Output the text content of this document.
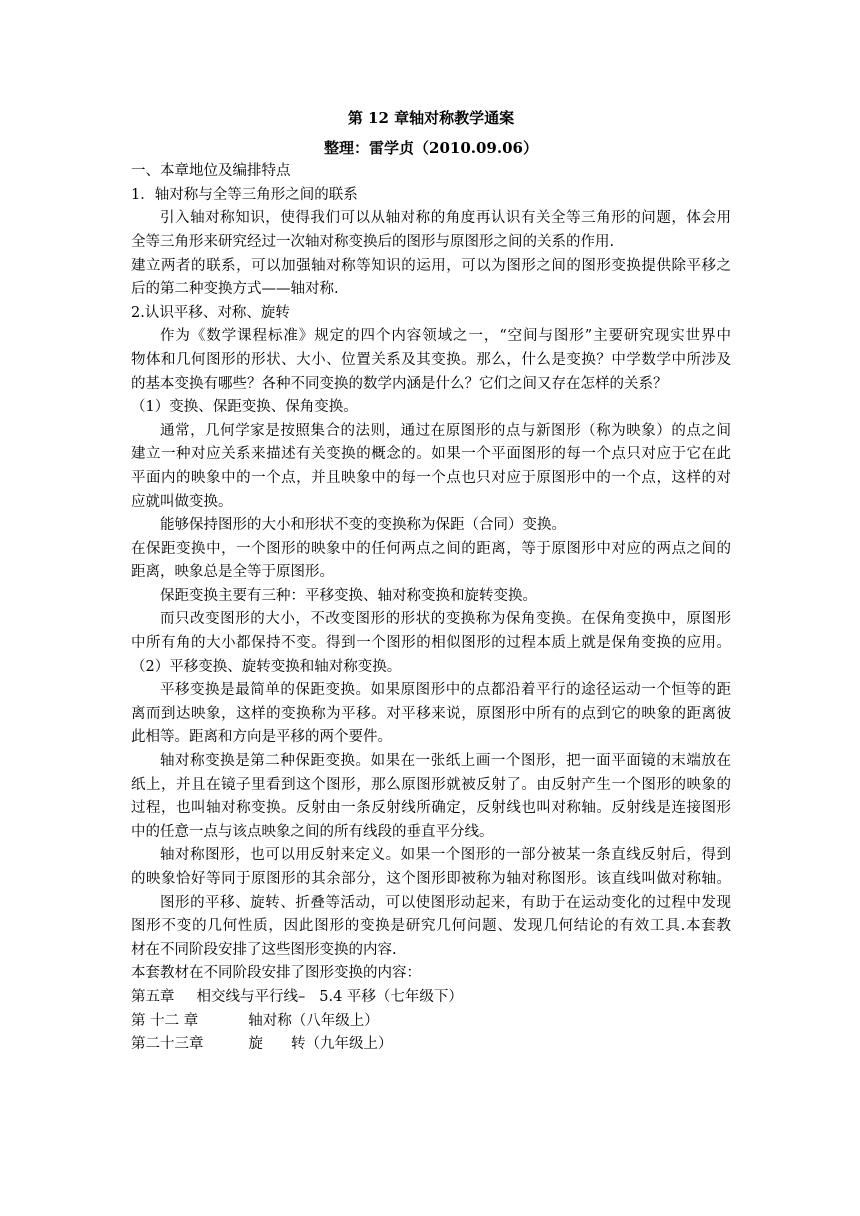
第 12 章轴对称教学通案
整理：雷学贞（2010.09.06）
一、本章地位及编排特点
1．轴对称与全等三角形之间的联系
引入轴对称知识，使得我们可以从轴对称的角度再认识有关全等三角形的问题，体会用
全等三角形来研究经过一次轴对称变换后的图形与原图形之间的关系的作用.
建立两者的联系，可以加强轴对称等知识的运用，可以为图形之间的图形变换提供除平移之
后的第二种变换方式——轴对称.
2.认识平移、对称、旋转
作为《数学课程标准》规定的四个内容领域之一，“空间与图形”主要研究现实世界中
物体和几何图形的形状、大小、位置关系及其变换。那么，什么是变换？中学数学中所涉及
的基本变换有哪些？各种不同变换的数学内涵是什么？它们之间又存在怎样的关系？
（1）变换、保距变换、保角变换。
通常，几何学家是按照集合的法则，通过在原图形的点与新图形（称为映象）的点之间
建立一种对应关系来描述有关变换的概念的。如果一个平面图形的每一个点只对应于它在此
平面内的映象中的一个点，并且映象中的每一个点也只对应于原图形中的一个点，这样的对
应就叫做变换。
能够保持图形的大小和形状不变的变换称为保距（合同）变换。
在保距变换中，一个图形的映象中的任何两点之间的距离，等于原图形中对应的两点之间的
距离，映象总是全等于原图形。
保距变换主要有三种：平移变换、轴对称变换和旋转变换。
而只改变图形的大小，不改变图形的形状的变换称为保角变换。在保角变换中，原图形
中所有角的大小都保持不变。得到一个图形的相似图形的过程本质上就是保角变换的应用。
（2）平移变换、旋转变换和轴对称变换。
平移变换是最简单的保距变换。如果原图形中的点都沿着平行的途径运动一个恒等的距
离而到达映象，这样的变换称为平移。对平移来说，原图形中所有的点到它的映象的距离彼
此相等。距离和方向是平移的两个要件。
轴对称变换是第二种保距变换。如果在一张纸上画一个图形，把一面平面镜的末端放在
纸上，并且在镜子里看到这个图形，那么原图形就被反射了。由反射产生一个图形的映象的
过程，也叫轴对称变换。反射由一条反射线所确定，反射线也叫对称轴。反射线是连接图形
中的任意一点与该点映象之间的所有线段的垂直平分线。
轴对称图形，也可以用反射来定义。如果一个图形的一部分被某一条直线反射后，得到
的映象恰好等同于原图形的其余部分，这个图形即被称为轴对称图形。该直线叫做对称轴。
图形的平移、旋转、折叠等活动，可以使图形动起来，有助于在运动变化的过程中发现
图形不变的几何性质，因此图形的变换是研究几何问题、发现几何结论的有效工具.本套教
材在不同阶段安排了这些图形变换的内容.
本套教材在不同阶段安排了图形变换的内容：
第五章 相交线与平行线– 5.4 平移（七年级下）
第 十二 章	轴对称（八年级上）
第二十三章	旋 转（九年级上）
